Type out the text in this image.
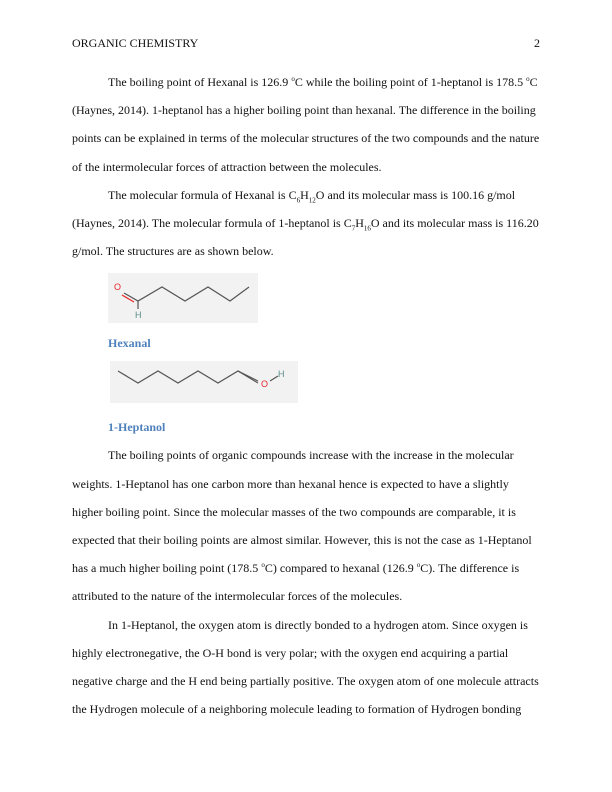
ORGANIC CHEMISTRY	2

The boiling point of Hexanal is 126.9 $^o$C while the boiling point of 1-heptanol is 178.5 $^o$C (Haynes, 2014). 1-heptanol has a higher boiling point than hexanal. The difference in the boiling points can be explained in terms of the molecular structures of the two compounds and the nature of the intermolecular forces of attraction between the molecules.

The molecular formula of Hexanal is $C_6H_{12}O$ and its molecular mass is 100.16 g/mol (Haynes, 2014). The molecular formula of 1-heptanol is $C_7H_{16}O$ and its molecular mass is 116.20 g/mol. The structures are as shown below.

O
H
Hexanal
O
H
1-Heptanol

The boiling points of organic compounds increase with the increase in the molecular weights. 1-Heptanol has one carbon more than hexanal hence is expected to have a slightly higher boiling point. Since the molecular masses of the two compounds are comparable, it is expected that their boiling points are almost similar. However, this is not the case as 1-Heptanol has a much higher boiling point (178.5 $^o$C) compared to hexanal (126.9 $^o$C). The difference is attributed to the nature of the intermolecular forces of the molecules.

In 1-Heptanol, the oxygen atom is directly bonded to a hydrogen atom. Since oxygen is highly electronegative, the O-H bond is very polar; with the oxygen end acquiring a partial negative charge and the H end being partially positive. The oxygen atom of one molecule attracts the Hydrogen molecule of a neighboring molecule leading to formation of Hydrogen bonding
